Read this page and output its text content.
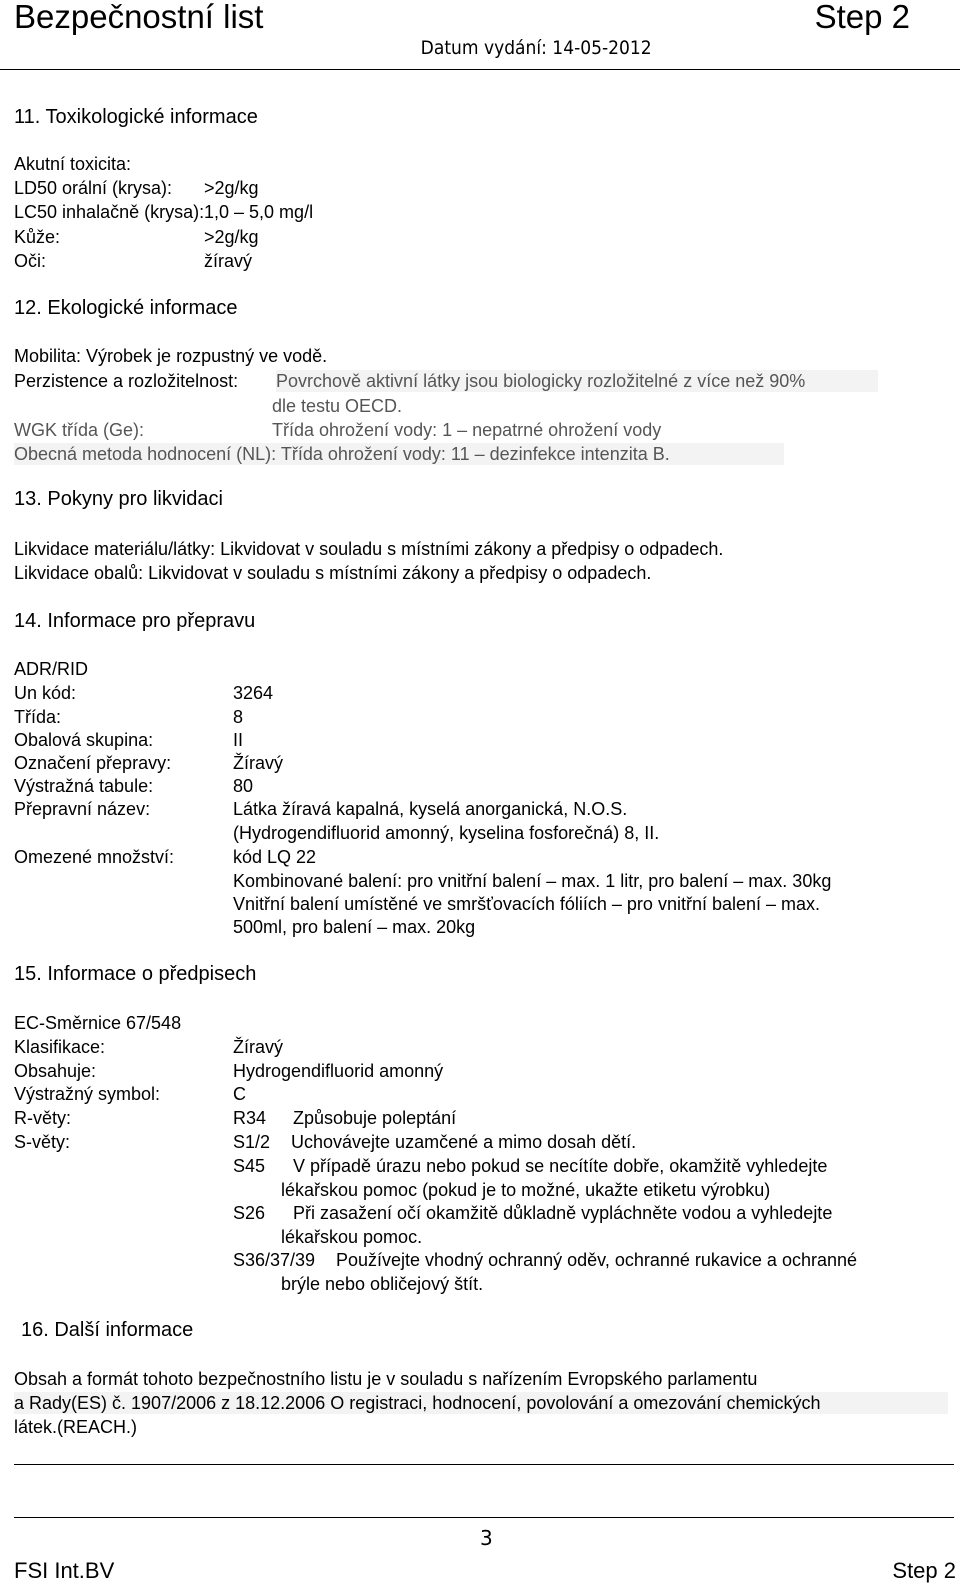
Bezpečnostní list	Step 2
Datum vydání: 14-05-2012
11. Toxikologické informace
Akutní toxicita:
LD50 orální (krysa): >2g/kg
LC50 inhalačně (krysa): 1,0 – 5,0 mg/l
Kůže:	>2g/kg
Oči:	žíravý
12. Ekologické informace
Mobilita: Výrobek je rozpustný ve vodě.
Perzistence a rozložitelnost: Povrchově aktivní látky jsou biologicky rozložitelné z více než 90%
dle testu OECD.
WGK třída (Ge):	Třída ohrožení vody: 1 – nepatrné ohrožení vody
Obecná metoda hodnocení (NL): Třída ohrožení vody: 11 – dezinfekce intenzita B.
13. Pokyny pro likvidaci
Likvidace materiálu/látky: Likvidovat v souladu s místními zákony a předpisy o odpadech.
Likvidace obalů: Likvidovat v souladu s místními zákony a předpisy o odpadech.
14. Informace pro přepravu
ADR/RID
Un kód:	3264
Třída:	8
Obalová skupina:	II
Označení přepravy:	Žíravý
Výstražná tabule:	80
Přepravní název:	Látka žíravá kapalná, kyselá anorganická, N.O.S.
(Hydrogendifluorid amonný, kyselina fosforečná) 8, II.
Omezené množství:	kód LQ 22
Kombinované balení: pro vnitřní balení – max. 1 litr, pro balení – max. 30kg
Vnitřní balení umístěné ve smršťovacích fóliích – pro vnitřní balení – max.
500ml, pro balení – max. 20kg
15. Informace o předpisech
EC-Směrnice 67/548
Klasifikace:	Žíravý
Obsahuje:	Hydrogendifluorid amonný
Výstražný symbol:	C
R-věty:	R34 Způsobuje poleptání
S-věty:	S1/2 Uchovávejte uzamčené a mimo dosah dětí.
S45 V případě úrazu nebo pokud se necítíte dobře, okamžitě vyhledejte
lékařskou pomoc (pokud je to možné, ukažte etiketu výrobku)
S26 Při zasažení očí okamžitě důkladně vypláchněte vodou a vyhledejte
lékařskou pomoc.
S36/37/39 Používejte vhodný ochranný oděv, ochranné rukavice a ochranné
brýle nebo obličejový štít.
16. Další informace
Obsah a formát tohoto bezpečnostního listu je v souladu s nařízením Evropského parlamentu
a Rady(ES) č. 1907/2006 z 18.12.2006 O registraci, hodnocení, povolování a omezování chemických
látek.(REACH.)
3
FSI Int.BV	Step 2
